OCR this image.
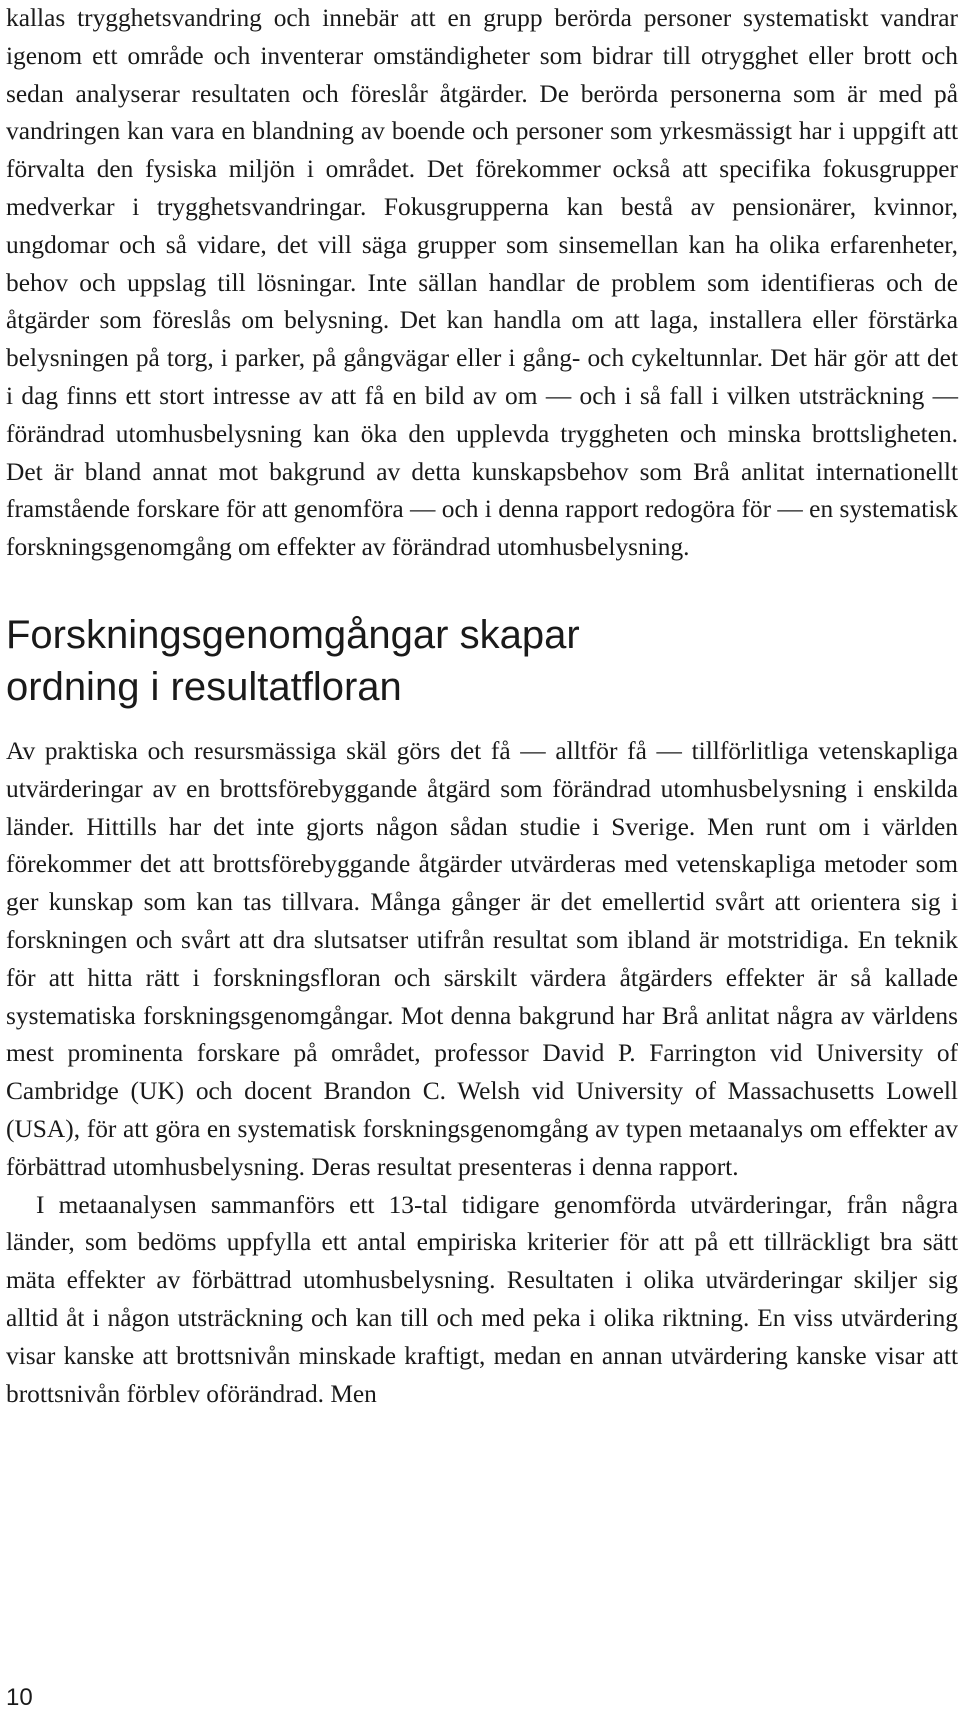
kallas trygghetsvandring och innebär att en grupp berörda personer systematiskt vandrar igenom ett område och inventerar omständigheter som bidrar till otrygghet eller brott och sedan analyserar resultaten och föreslår åtgärder. De berörda personerna som är med på vandringen kan vara en blandning av boende och personer som yrkesmässigt har i uppgift att förvalta den fysiska miljön i området. Det förekommer också att specifika fokusgrupper medverkar i trygghetsvandringar. Fokusgrupperna kan bestå av pensionärer, kvinnor, ungdomar och så vidare, det vill säga grupper som sinsemellan kan ha olika erfarenheter, behov och uppslag till lösningar. Inte sällan handlar de problem som identifieras och de åtgärder som föreslås om belysning. Det kan handla om att laga, installera eller förstärka belysningen på torg, i parker, på gångvägar eller i gång- och cykeltunnlar. Det här gör att det i dag finns ett stort intresse av att få en bild av om — och i så fall i vilken utsträckning — förändrad utomhusbelysning kan öka den upplevda tryggheten och minska brottsligheten. Det är bland annat mot bakgrund av detta kunskapsbehov som Brå anlitat internationellt framstående forskare för att genomföra — och i denna rapport redogöra för — en systematisk forskningsgenomgång om effekter av förändrad utomhusbelysning.

Forskningsgenomgångar skapar
ordning i resultatfloran

Av praktiska och resursmässiga skäl görs det få — alltför få — tillförlitliga vetenskapliga utvärderingar av en brottsförebyggande åtgärd som förändrad utomhusbelysning i enskilda länder. Hittills har det inte gjorts någon sådan studie i Sverige. Men runt om i världen förekommer det att brottsförebyggande åtgärder utvärderas med vetenskapliga metoder som ger kunskap som kan tas tillvara. Många gånger är det emellertid svårt att orientera sig i forskningen och svårt att dra slutsatser utifrån resultat som ibland är motstridiga. En teknik för att hitta rätt i forskningsfloran och särskilt värdera åtgärders effekter är så kallade systematiska forskningsgenomgångar. Mot denna bakgrund har Brå anlitat några av världens mest prominenta forskare på området, professor David P. Farrington vid University of Cambridge (UK) och docent Brandon C. Welsh vid University of Massachusetts Lowell (USA), för att göra en systematisk forskningsgenomgång av typen metaanalys om effekter av förbättrad utomhusbelysning. Deras resultat presenteras i denna rapport.

I metaanalysen sammanförs ett 13-tal tidigare genomförda utvärderingar, från några länder, som bedöms uppfylla ett antal empiriska kriterier för att på ett tillräckligt bra sätt mäta effekter av förbättrad utomhusbelysning. Resultaten i olika utvärderingar skiljer sig alltid åt i någon utsträckning och kan till och med peka i olika riktning. En viss utvärdering visar kanske att brottsnivån minskade kraftigt, medan en annan utvärdering kanske visar att brottsnivån förblev oförändrad. Men

10
